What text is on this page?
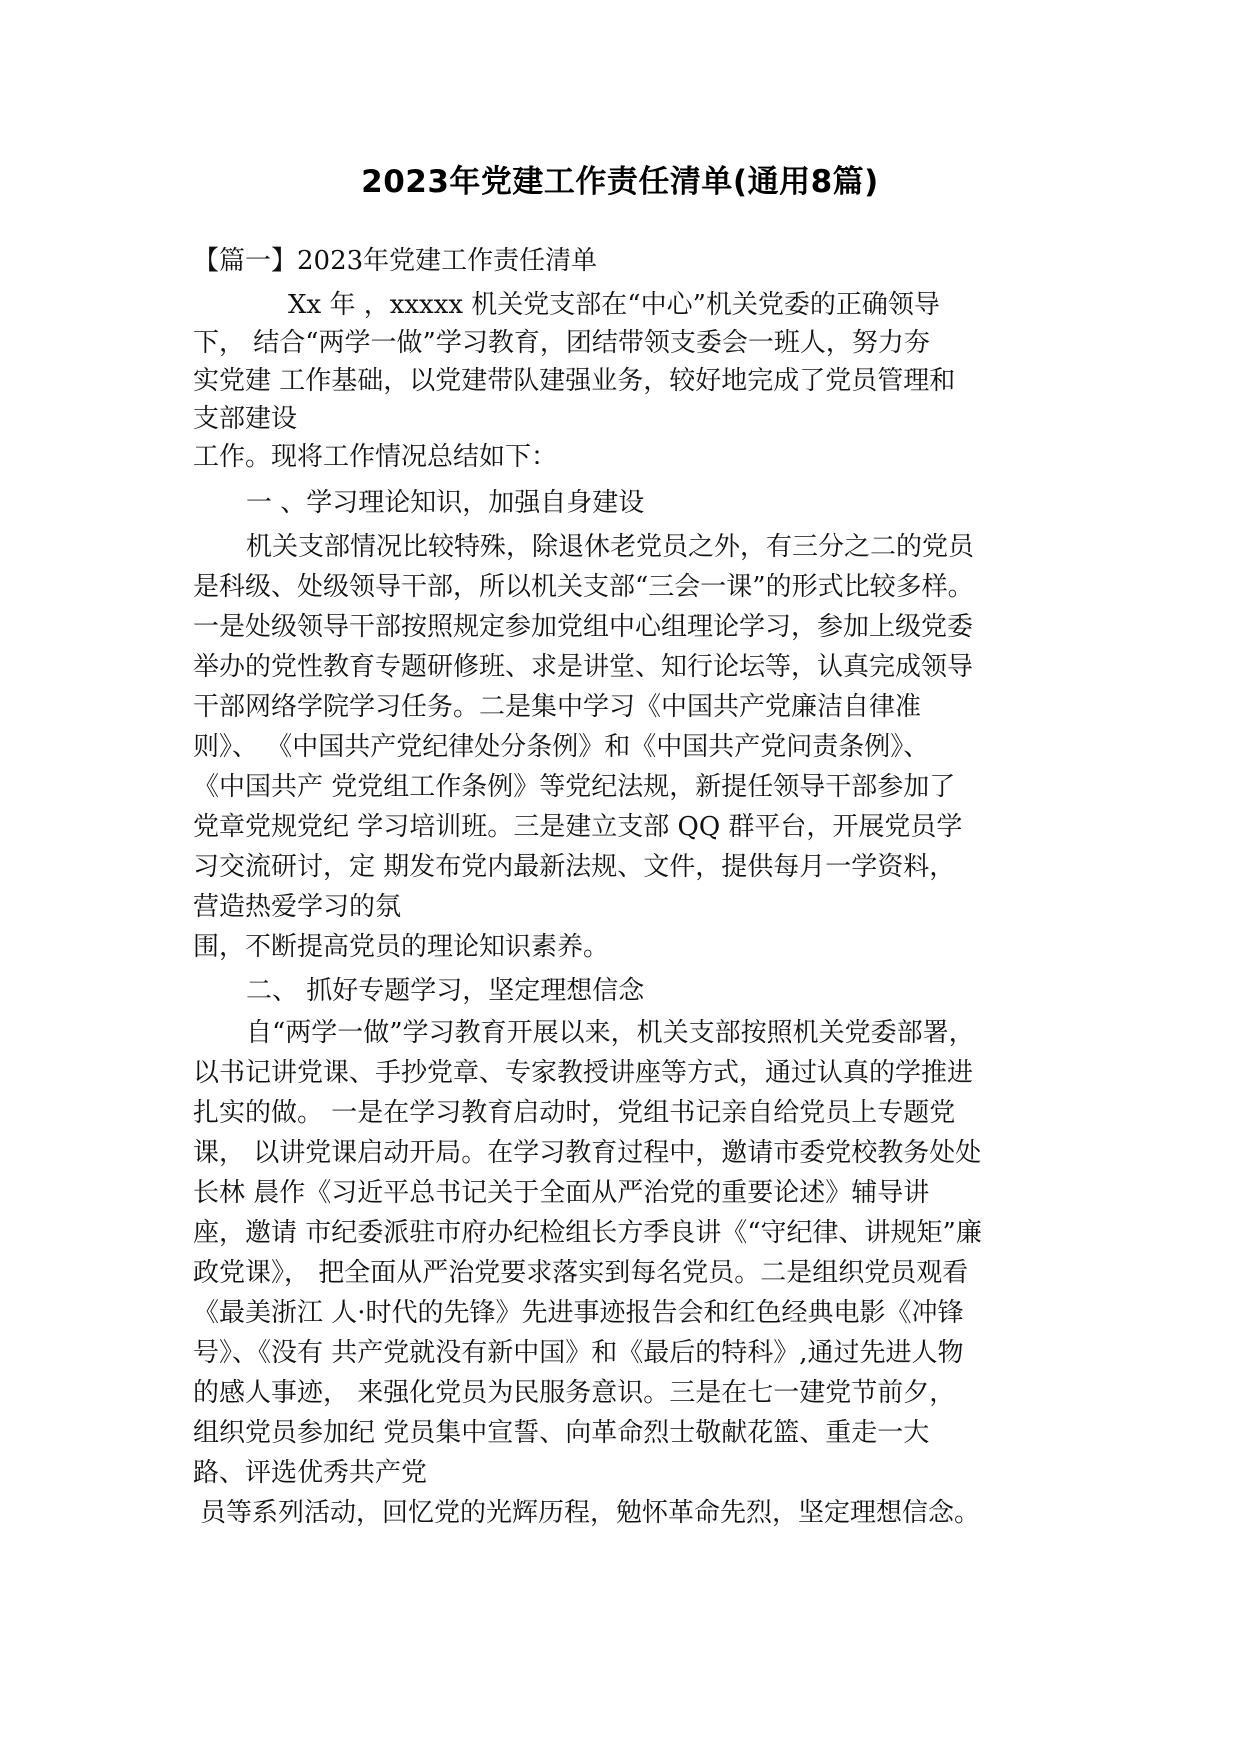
2023年党建工作责任清单(通用8篇)

【篇一】2023年党建工作责任清单

Xx 年 ，xxxxx 机关党支部在“中心”机关党委的正确领导

下， 结合“两学一做”学习教育，团结带领支委会一班人，努力夯

实党建 工作基础，以党建带队建强业务，较好地完成了党员管理和

支部建设

工作。现将工作情况总结如下：

一 、学习理论知识，加强自身建设

机关支部情况比较特殊，除退休老党员之外，有三分之二的党员

是科级、处级领导干部，所以机关支部“三会一课”的形式比较多样。

一是处级领导干部按照规定参加党组中心组理论学习，参加上级党委

举办的党性教育专题研修班、求是讲堂、知行论坛等，认真完成领导

干部网络学院学习任务。二是集中学习《中国共产党廉洁自律准

则》、 《中国共产党纪律处分条例》和《中国共产党问责条例》、

《中国共产 党党组工作条例》等党纪法规，新提任领导干部参加了

党章党规党纪 学习培训班。三是建立支部 QQ 群平台，开展党员学

习交流研讨，定 期发布党内最新法规、文件，提供每月一学资料，

营造热爱学习的氛

围，不断提高党员的理论知识素养。

二、 抓好专题学习，坚定理想信念

自“两学一做”学习教育开展以来，机关支部按照机关党委部署，

以书记讲党课、手抄党章、专家教授讲座等方式，通过认真的学推进

扎实的做。 一是在学习教育启动时，党组书记亲自给党员上专题党

课， 以讲党课启动开局。在学习教育过程中，邀请市委党校教务处处

长林 晨作《习近平总书记关于全面从严治党的重要论述》辅导讲

座，邀请 市纪委派驻市府办纪检组长方季良讲《“守纪律、讲规矩”廉

政党课》， 把全面从严治党要求落实到每名党员。二是组织党员观看

《最美浙江 人·时代的先锋》先进事迹报告会和红色经典电影《冲锋

号》、《没有 共产党就没有新中国》和《最后的特科》,通过先进人物

的感人事迹， 来强化党员为民服务意识。三是在七一建党节前夕，

组织党员参加纪 党员集中宣誓、向革命烈士敬献花篮、重走一大

路、评选优秀共产党

员等系列活动，回忆党的光辉历程，勉怀革命先烈，坚定理想信念。
